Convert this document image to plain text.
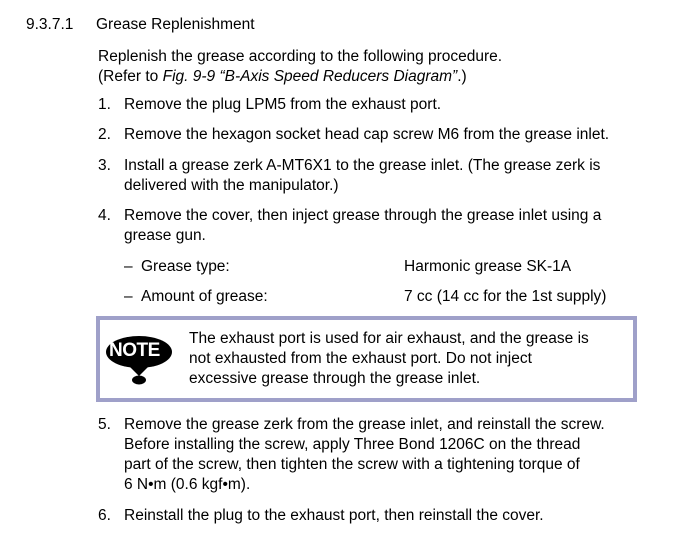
9.3.7.1 Grease Replenishment
Replenish the grease according to the following procedure.
(Refer to Fig. 9-9 “B-Axis Speed Reducers Diagram”.)
1. Remove the plug LPM5 from the exhaust port.
2. Remove the hexagon socket head cap screw M6 from the grease inlet.
3. Install a grease zerk A-MT6X1 to the grease inlet. (The grease zerk is
delivered with the manipulator.)
4. Remove the cover, then inject grease through the grease inlet using a
grease gun.
– Grease type:	Harmonic grease SK-1A
– Amount of grease:	7 cc (14 cc for the 1st supply)
NOTE
The exhaust port is used for air exhaust, and the grease is
not exhausted from the exhaust port. Do not inject
excessive grease through the grease inlet.
5. Remove the grease zerk from the grease inlet, and reinstall the screw.
Before installing the screw, apply Three Bond 1206C on the thread
part of the screw, then tighten the screw with a tightening torque of
6 N•m (0.6 kgf•m).
6. Reinstall the plug to the exhaust port, then reinstall the cover.
